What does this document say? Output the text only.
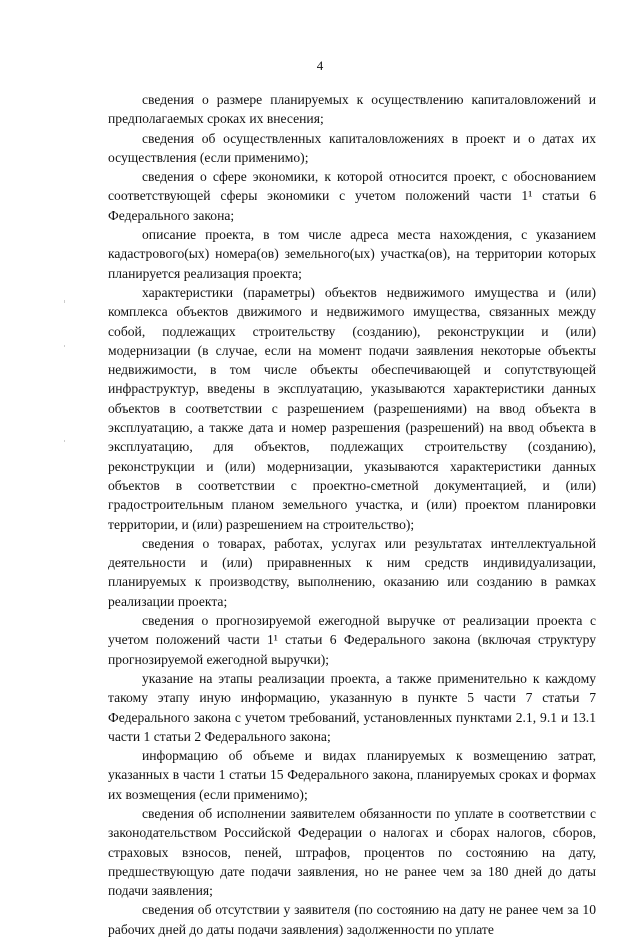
4

сведения о размере планируемых к осуществлению капиталовложений и предполагаемых сроках их внесения;

сведения об осуществленных капиталовложениях в проект и о датах их осуществления (если применимо);

сведения о сфере экономики, к которой относится проект, с обоснованием соответствующей сферы экономики с учетом положений части 1¹ статьи 6 Федерального закона;

описание проекта, в том числе адреса места нахождения, с указанием кадастрового(ых) номера(ов) земельного(ых) участка(ов), на территории которых планируется реализация проекта;

характеристики (параметры) объектов недвижимого имущества и (или) комплекса объектов движимого и недвижимого имущества, связанных между собой, подлежащих строительству (созданию), реконструкции и (или) модернизации (в случае, если на момент подачи заявления некоторые объекты недвижимости, в том числе объекты обеспечивающей и сопутствующей инфраструктур, введены в эксплуатацию, указываются характеристики данных объектов в соответствии с разрешением (разрешениями) на ввод объекта в эксплуатацию, а также дата и номер разрешения (разрешений) на ввод объекта в эксплуатацию, для объектов, подлежащих строительству (созданию), реконструкции и (или) модернизации, указываются характеристики данных объектов в соответствии с проектно-сметной документацией, и (или) градостроительным планом земельного участка, и (или) проектом планировки территории, и (или) разрешением на строительство);

сведения о товарах, работах, услугах или результатах интеллектуальной деятельности и (или) приравненных к ним средств индивидуализации, планируемых к производству, выполнению, оказанию или созданию в рамках реализации проекта;

сведения о прогнозируемой ежегодной выручке от реализации проекта с учетом положений части 1¹ статьи 6 Федерального закона (включая структуру прогнозируемой ежегодной выручки);

указание на этапы реализации проекта, а также применительно к каждому такому этапу иную информацию, указанную в пункте 5 части 7 статьи 7 Федерального закона с учетом требований, установленных пунктами 2.1, 9.1 и 13.1 части 1 статьи 2 Федерального закона;

информацию об объеме и видах планируемых к возмещению затрат, указанных в части 1 статьи 15 Федерального закона, планируемых сроках и формах их возмещения (если применимо);

сведения об исполнении заявителем обязанности по уплате в соответствии с законодательством Российской Федерации о налогах и сборах налогов, сборов, страховых взносов, пеней, штрафов, процентов по состоянию на дату, предшествующую дате подачи заявления, но не ранее чем за 180 дней до даты подачи заявления;

сведения об отсутствии у заявителя (по состоянию на дату не ранее чем за 10 рабочих дней до даты подачи заявления) задолженности по уплате
